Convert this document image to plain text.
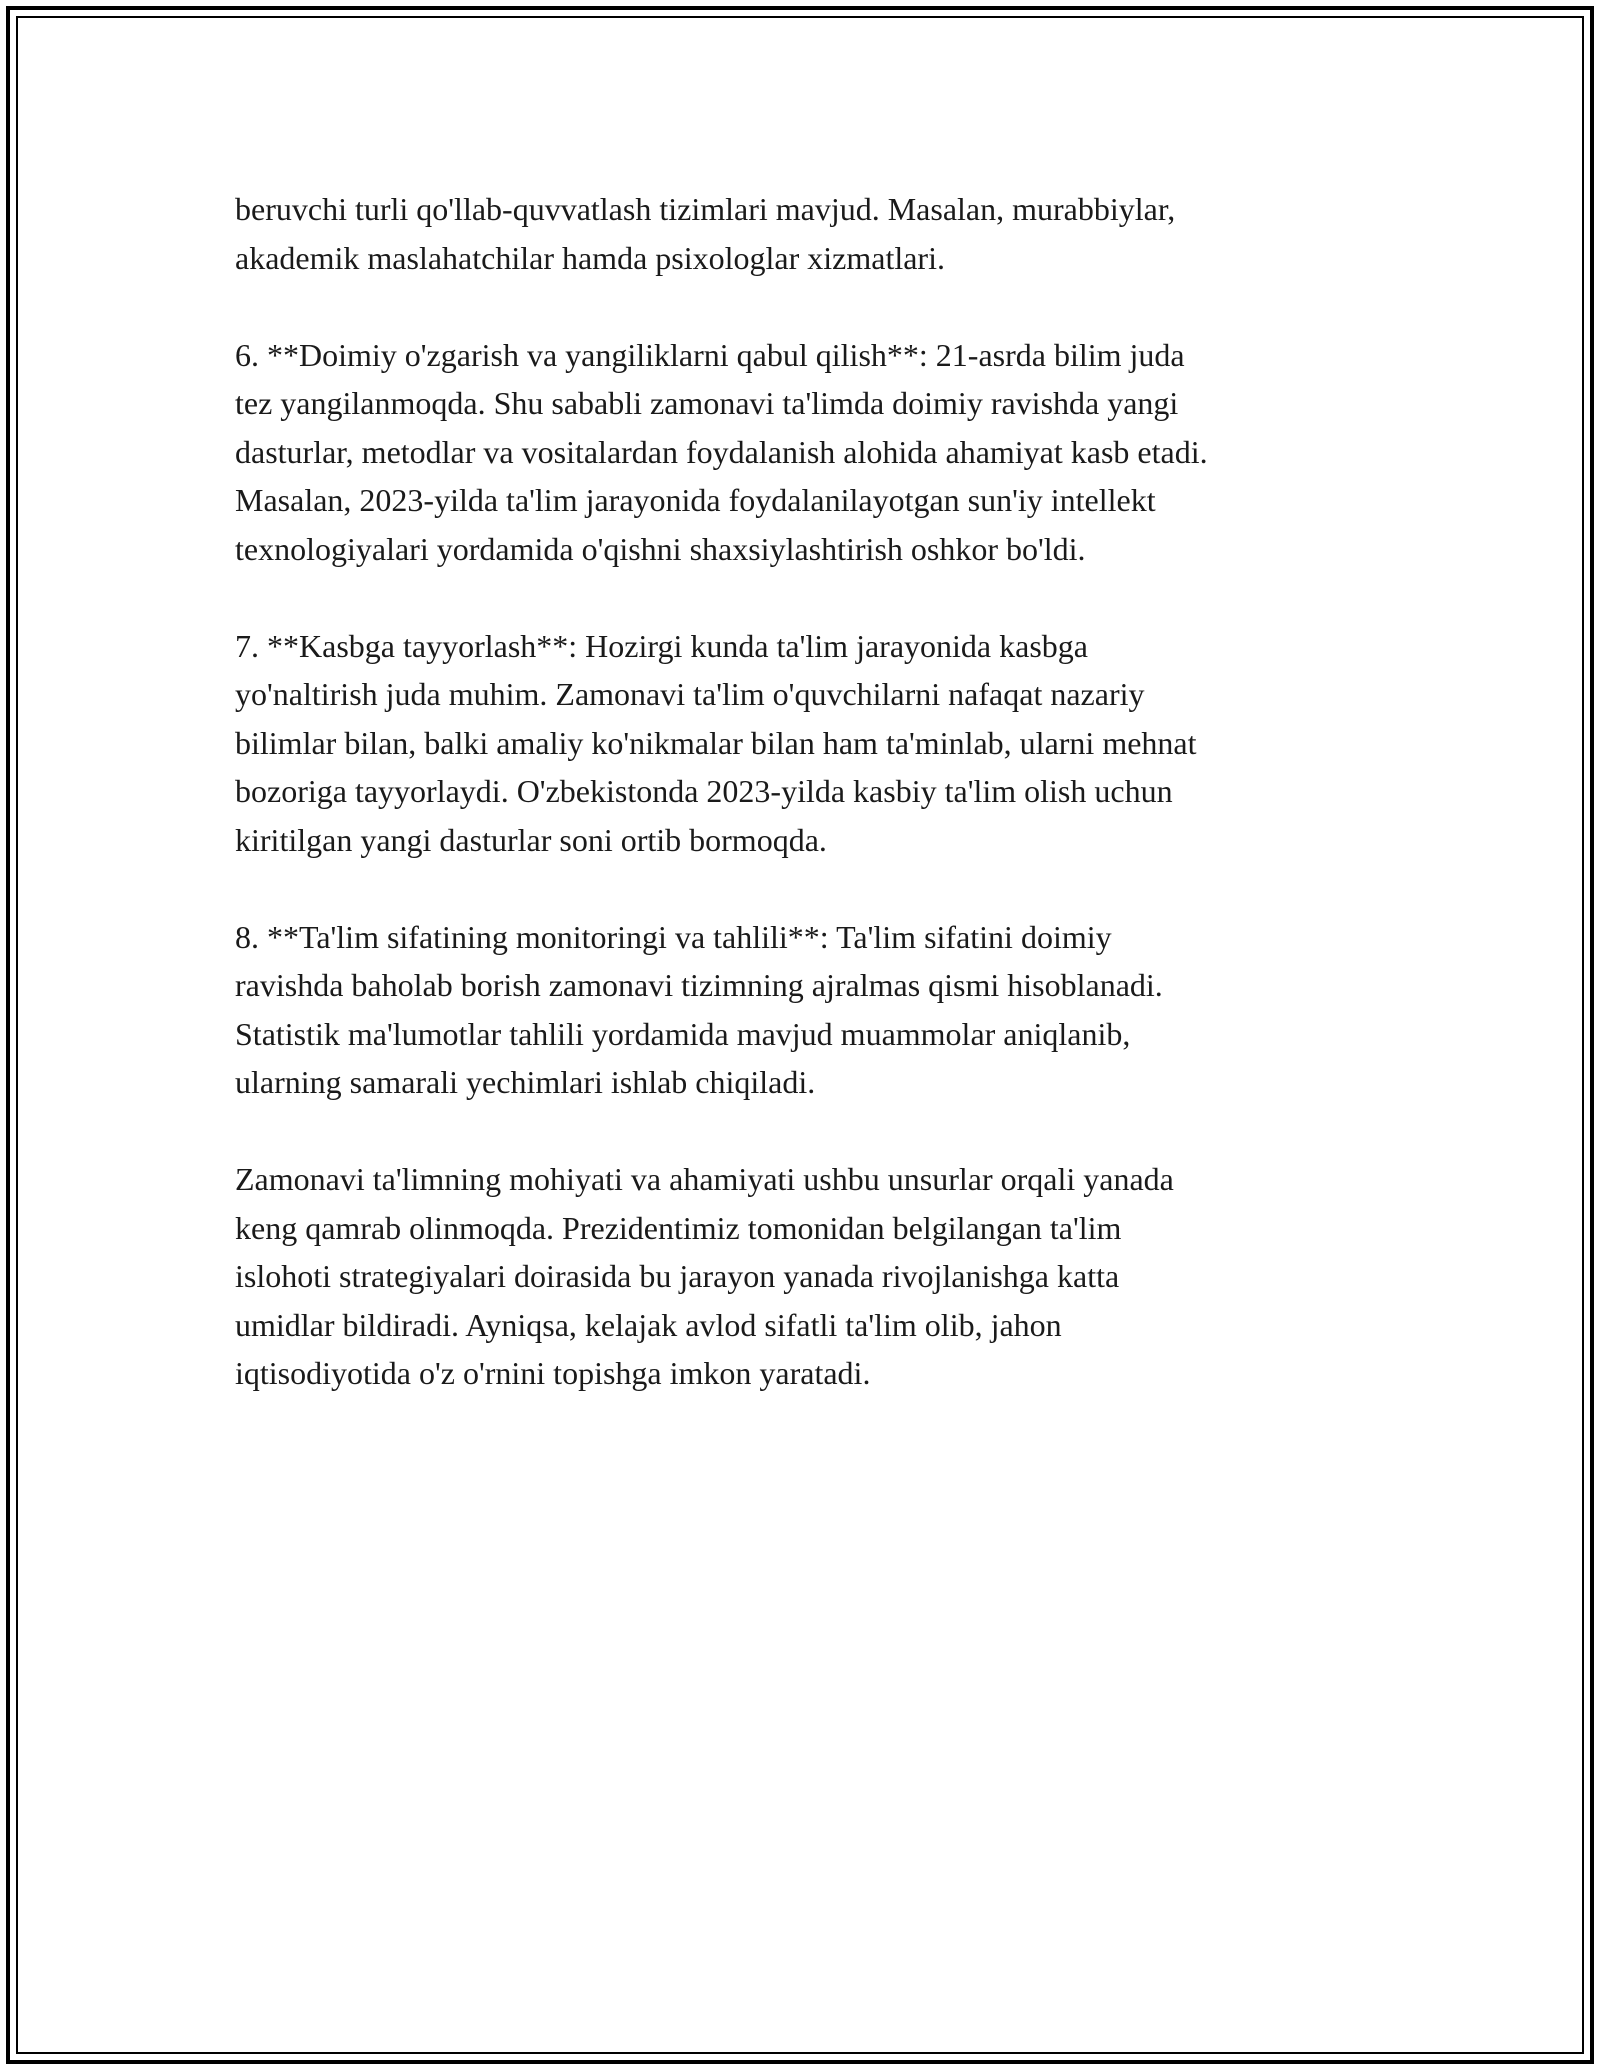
beruvchi turli qo'llab-quvvatlash tizimlari mavjud. Masalan, murabbiylar,
akademik maslahatchilar hamda psixologlar xizmatlari.
6. **Doimiy o'zgarish va yangiliklarni qabul qilish**: 21-asrda bilim juda
tez yangilanmoqda. Shu sababli zamonavi ta'limda doimiy ravishda yangi
dasturlar, metodlar va vositalardan foydalanish alohida ahamiyat kasb etadi.
Masalan, 2023-yilda ta'lim jarayonida foydalanilayotgan sun'iy intellekt
texnologiyalari yordamida o'qishni shaxsiylashtirish oshkor bo'ldi.
7. **Kasbga tayyorlash**: Hozirgi kunda ta'lim jarayonida kasbga
yo'naltirish juda muhim. Zamonavi ta'lim o'quvchilarni nafaqat nazariy
bilimlar bilan, balki amaliy ko'nikmalar bilan ham ta'minlab, ularni mehnat
bozoriga tayyorlaydi. O'zbekistonda 2023-yilda kasbiy ta'lim olish uchun
kiritilgan yangi dasturlar soni ortib bormoqda.
8. **Ta'lim sifatining monitoringi va tahlili**: Ta'lim sifatini doimiy
ravishda baholab borish zamonavi tizimning ajralmas qismi hisoblanadi.
Statistik ma'lumotlar tahlili yordamida mavjud muammolar aniqlanib,
ularning samarali yechimlari ishlab chiqiladi.
Zamonavi ta'limning mohiyati va ahamiyati ushbu unsurlar orqali yanada
keng qamrab olinmoqda. Prezidentimiz tomonidan belgilangan ta'lim
islohoti strategiyalari doirasida bu jarayon yanada rivojlanishga katta
umidlar bildiradi. Ayniqsa, kelajak avlod sifatli ta'lim olib, jahon
iqtisodiyotida o'z o'rnini topishga imkon yaratadi.
